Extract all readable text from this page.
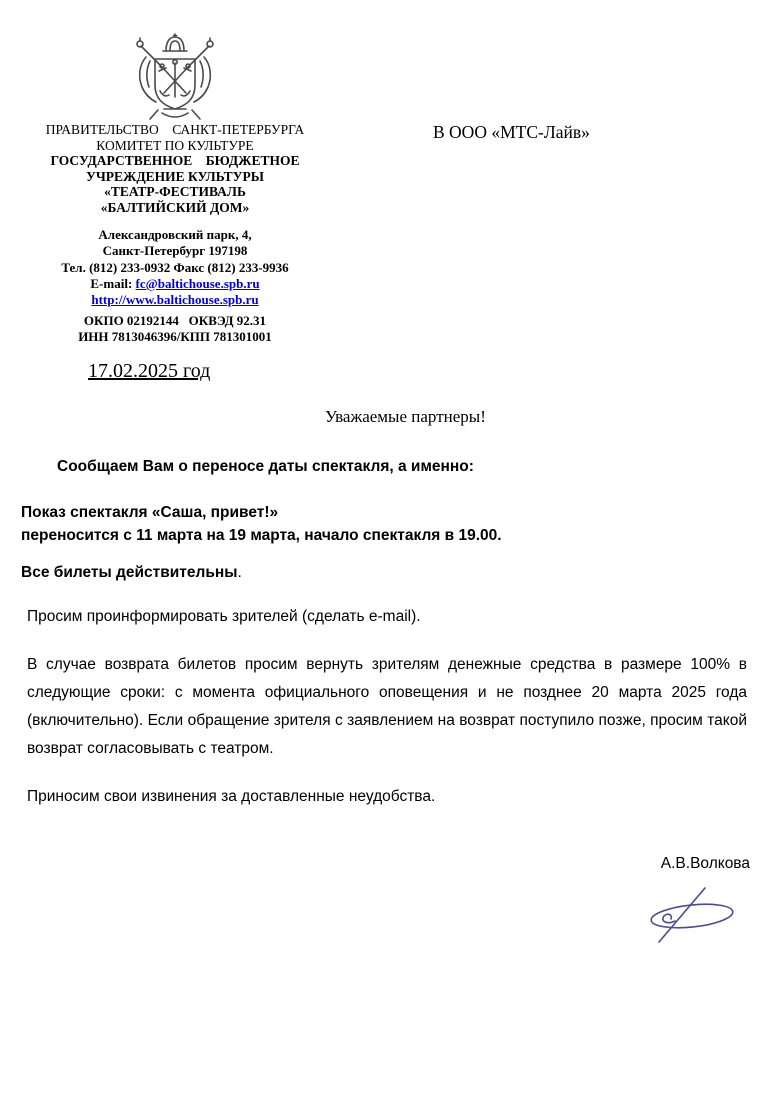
ПРАВИТЕЛЬСТВО    САНКТ-ПЕТЕРБУРГА
КОМИТЕТ ПО КУЛЬТУРЕ
ГОСУДАРСТВЕННОЕ    БЮДЖЕТНОЕ
УЧРЕЖДЕНИЕ КУЛЬТУРЫ
«ТЕАТР-ФЕСТИВАЛЬ
«БАЛТИЙСКИЙ ДОМ»
Александровский парк, 4,
Санкт-Петербург 197198
Тел. (812) 233-0932 Факс (812) 233-9936
E-mail: fc@baltichouse.spb.ru
http://www.baltichouse.spb.ru
ОКПО 02192144   ОКВЭД 92.31
ИНН 7813046396/КПП 781301001
В ООО «МТС-Лайв»
17.02.2025 год
Уважаемые партнеры!
Сообщаем Вам о переносе даты спектакля, а именно:
Показ спектакля «Саша, привет!»
переносится с 11 марта на 19 марта, начало спектакля в 19.00.
Все билеты действительны.
Просим проинформировать зрителей (сделать e-mail).
В случае возврата билетов просим вернуть зрителям денежные средства в размере 100% в следующие сроки: с момента официального оповещения и не позднее 20 марта 2025 года (включительно). Если обращение зрителя с заявлением на возврат поступило позже, просим такой возврат согласовывать с театром.
Приносим свои извинения за доставленные неудобства.
А.В.Волкова
